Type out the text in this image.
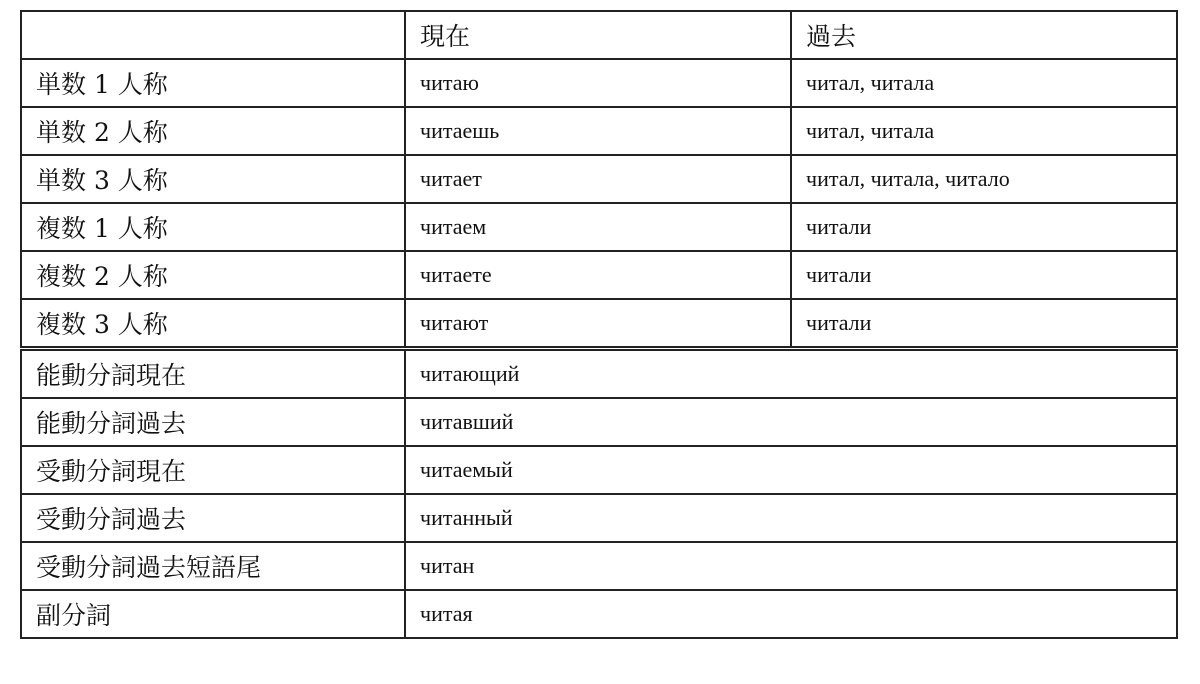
	現在	過去
単数 1 人称	читаю	читал, читала
単数 2 人称	читаешь	читал, читала
単数 3 人称	читает	читал, читала, читало
複数 1 人称	читаем	читали
複数 2 人称	читаете	читали
複数 3 人称	читают	читали
能動分詞現在	читающий	
能動分詞過去	читавший	
受動分詞現在	читаемый	
受動分詞過去	читанный	
受動分詞過去短語尾	читан	
副分詞	читая	
